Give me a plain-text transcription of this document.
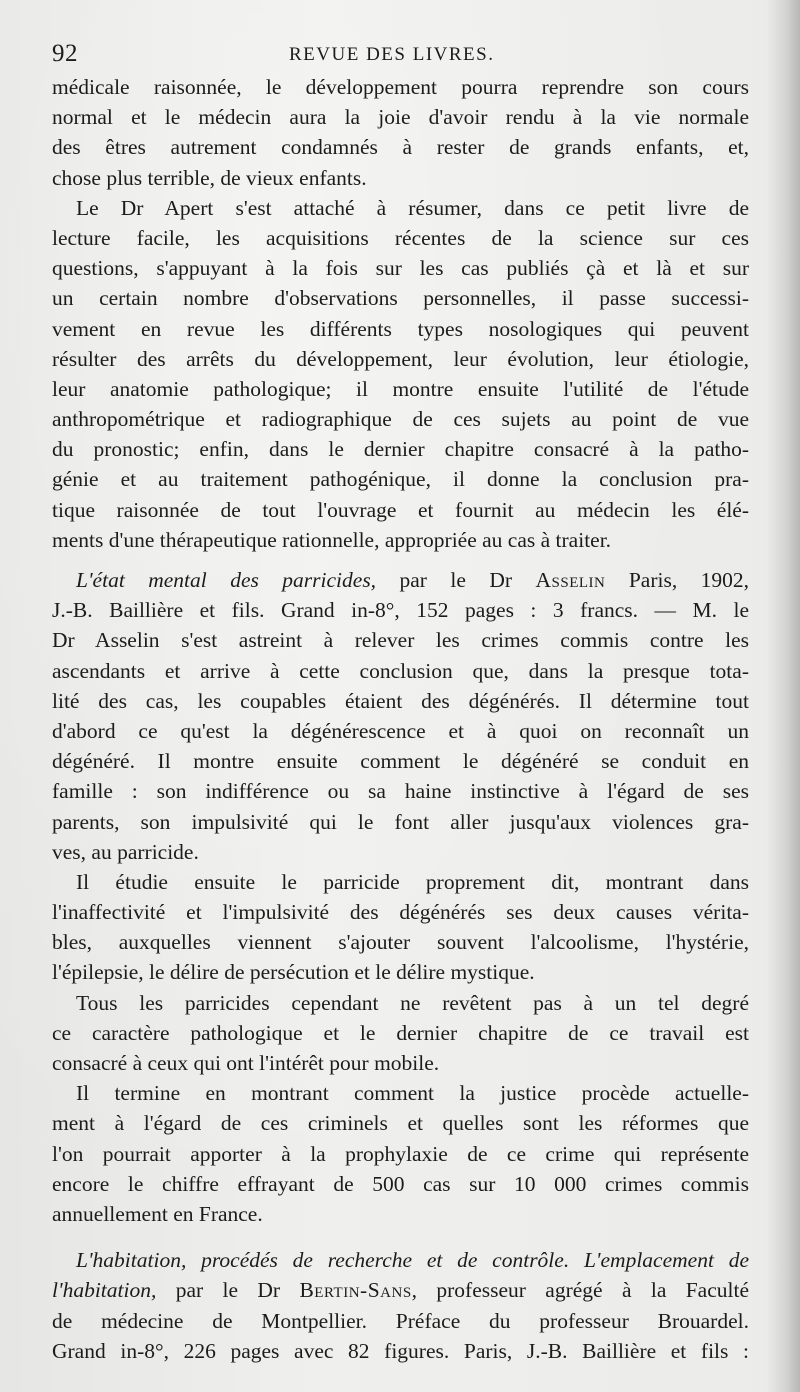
92	REVUE DES LIVRES.
médicale raisonnée, le développement pourra reprendre son cours
normal et le médecin aura la joie d'avoir rendu à la vie normale
des êtres autrement condamnés à rester de grands enfants, et,
chose plus terrible, de vieux enfants.
Le Dr Apert s'est attaché à résumer, dans ce petit livre de
lecture facile, les acquisitions récentes de la science sur ces
questions, s'appuyant à la fois sur les cas publiés çà et là et sur
un certain nombre d'observations personnelles, il passe successi-
vement en revue les différents types nosologiques qui peuvent
résulter des arrêts du développement, leur évolution, leur étiologie,
leur anatomie pathologique; il montre ensuite l'utilité de l'étude
anthropométrique et radiographique de ces sujets au point de vue
du pronostic; enfin, dans le dernier chapitre consacré à la patho-
génie et au traitement pathogénique, il donne la conclusion pra-
tique raisonnée de tout l'ouvrage et fournit au médecin les élé-
ments d'une thérapeutique rationnelle, appropriée au cas à traiter.
L'état mental des parricides, par le Dr Asselin Paris, 1902,
J.-B. Baillière et fils. Grand in-8°, 152 pages : 3 francs. — M. le
Dr Asselin s'est astreint à relever les crimes commis contre les
ascendants et arrive à cette conclusion que, dans la presque tota-
lité des cas, les coupables étaient des dégénérés. Il détermine tout
d'abord ce qu'est la dégénérescence et à quoi on reconnaît un
dégénéré. Il montre ensuite comment le dégénéré se conduit en
famille : son indifférence ou sa haine instinctive à l'égard de ses
parents, son impulsivité qui le font aller jusqu'aux violences gra-
ves, au parricide.
Il étudie ensuite le parricide proprement dit, montrant dans
l'inaffectivité et l'impulsivité des dégénérés ses deux causes vérita-
bles, auxquelles viennent s'ajouter souvent l'alcoolisme, l'hystérie,
l'épilepsie, le délire de persécution et le délire mystique.
Tous les parricides cependant ne revêtent pas à un tel degré
ce caractère pathologique et le dernier chapitre de ce travail est
consacré à ceux qui ont l'intérêt pour mobile.
Il termine en montrant comment la justice procède actuelle-
ment à l'égard de ces criminels et quelles sont les réformes que
l'on pourrait apporter à la prophylaxie de ce crime qui représente
encore le chiffre effrayant de 500 cas sur 10 000 crimes commis
annuellement en France.
L'habitation, procédés de recherche et de contrôle. L'emplacement de
l'habitation, par le Dr Bertin-Sans, professeur agrégé à la Faculté
de médecine de Montpellier. Préface du professeur Brouardel.
Grand in-8°, 226 pages avec 82 figures. Paris, J.-B. Baillière et fils :
